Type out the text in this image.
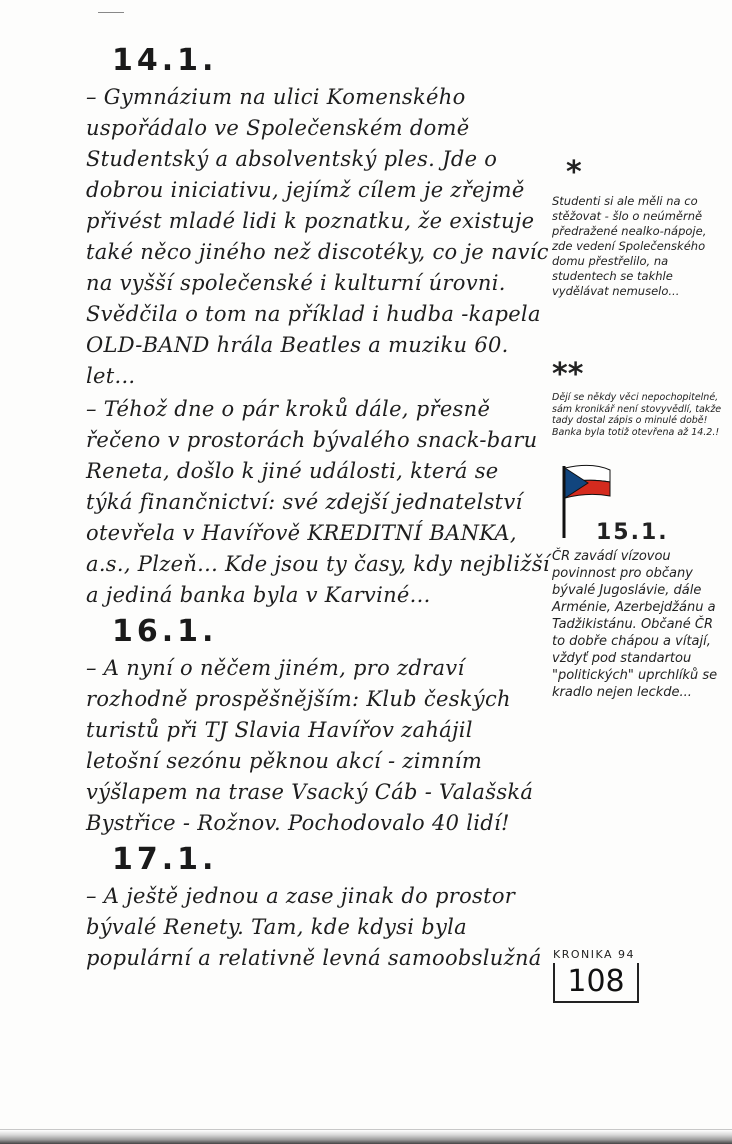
14.1.

– Gymnázium na ulici Komenského uspořádalo ve Společenském domě Studentský a absolventský ples. Jde o dobrou iniciativu, jejímž cílem je zřejmě přivést mladé lidi k poznatku, že existuje také něco jiného než discotéky, co je navíc na vyšší společenské i kulturní úrovni. Svědčila o tom na příklad i hudba -kapela OLD-BAND hrála Beatles a muziku 60. let...

– Téhož dne o pár kroků dále, přesně řečeno v prostorách bývalého snack-baru Reneta, došlo k jiné události, která se týká finančnictví: své zdejší jednatelství otevřela v Havířově KREDITNÍ BANKA, a.s., Plzeň... Kde jsou ty časy, kdy nejbližší a jediná banka byla v Karviné...

16.1.

– A nyní o něčem jiném, pro zdraví rozhodně prospěšnějším: Klub českých turistů při TJ Slavia Havířov zahájil letošní sezónu pěknou akcí - zimním výšlapem na trase Vsacký Cáb - Valašská Bystřice - Rožnov. Pochodovalo 40 lidí!

17.1.

– A ještě jednou a zase jinak do prostor bývalé Renety. Tam, kde kdysi byla populární a relativně levná samoobslužná

*

Studenti si ale měli na co stěžovat - šlo o neúměrně předražené nealko-nápoje, zde vedení Společenského domu přestřelilo, na studentech se takhle vydělávat nemuselo...

**

Dějí se někdy věci nepochopitelné, sám kronikář není stovyvědlí, takže tady dostal zápis o minulé době! Banka byla totiž otevřena až 14.2.!

15.1.

ČR zavádí vízovou povinnost pro občany bývalé Jugoslávie, dále Arménie, Azerbejdžánu a Tadžikistánu. Občané ČR to dobře chápou a vítají, vždyť pod standartou "politických" uprchlíků se kradlo nejen leckde...

KRONIKA 94
108
